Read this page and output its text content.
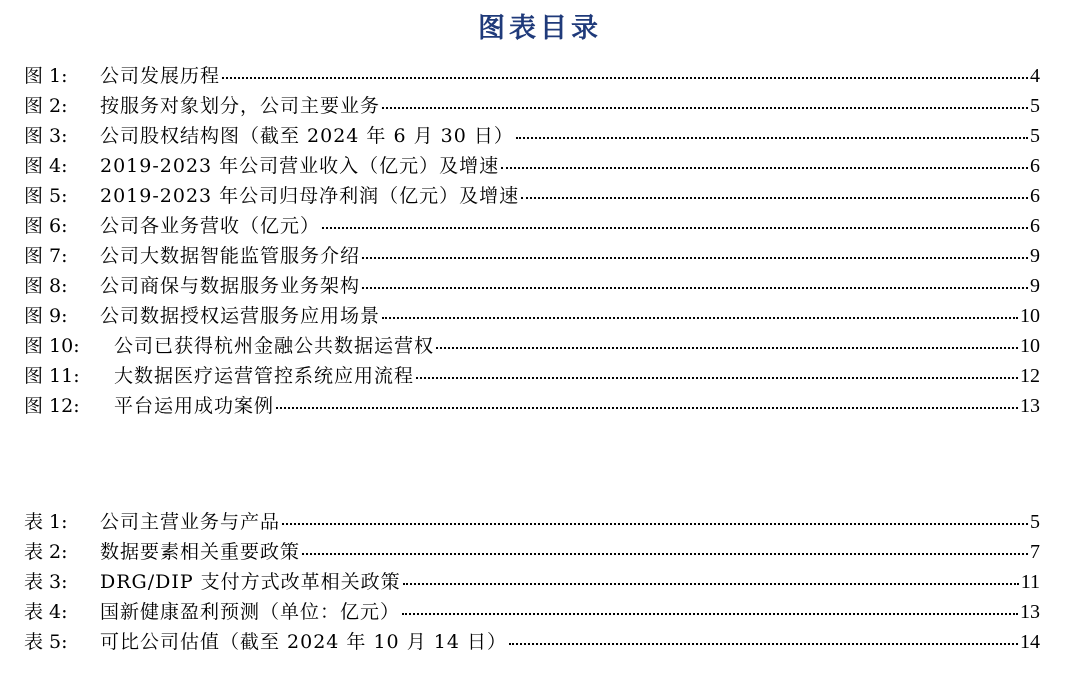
图表目录
图 1:	公司发展历程	4
图 2:	按服务对象划分，公司主要业务	5
图 3:	公司股权结构图（截至 2024 年 6 月 30 日）	5
图 4:	2019-2023 年公司营业收入（亿元）及增速	6
图 5:	2019-2023 年公司归母净利润（亿元）及增速	6
图 6:	公司各业务营收（亿元）	6
图 7:	公司大数据智能监管服务介绍	9
图 8:	公司商保与数据服务业务架构	9
图 9:	公司数据授权运营服务应用场景	10
图 10:	公司已获得杭州金融公共数据运营权	10
图 11:	大数据医疗运营管控系统应用流程	12
图 12:	平台运用成功案例	13
表 1:	公司主营业务与产品	5
表 2:	数据要素相关重要政策	7
表 3:	DRG/DIP 支付方式改革相关政策	11
表 4:	国新健康盈利预测（单位：亿元）	13
表 5:	可比公司估值（截至 2024 年 10 月 14 日）	14
